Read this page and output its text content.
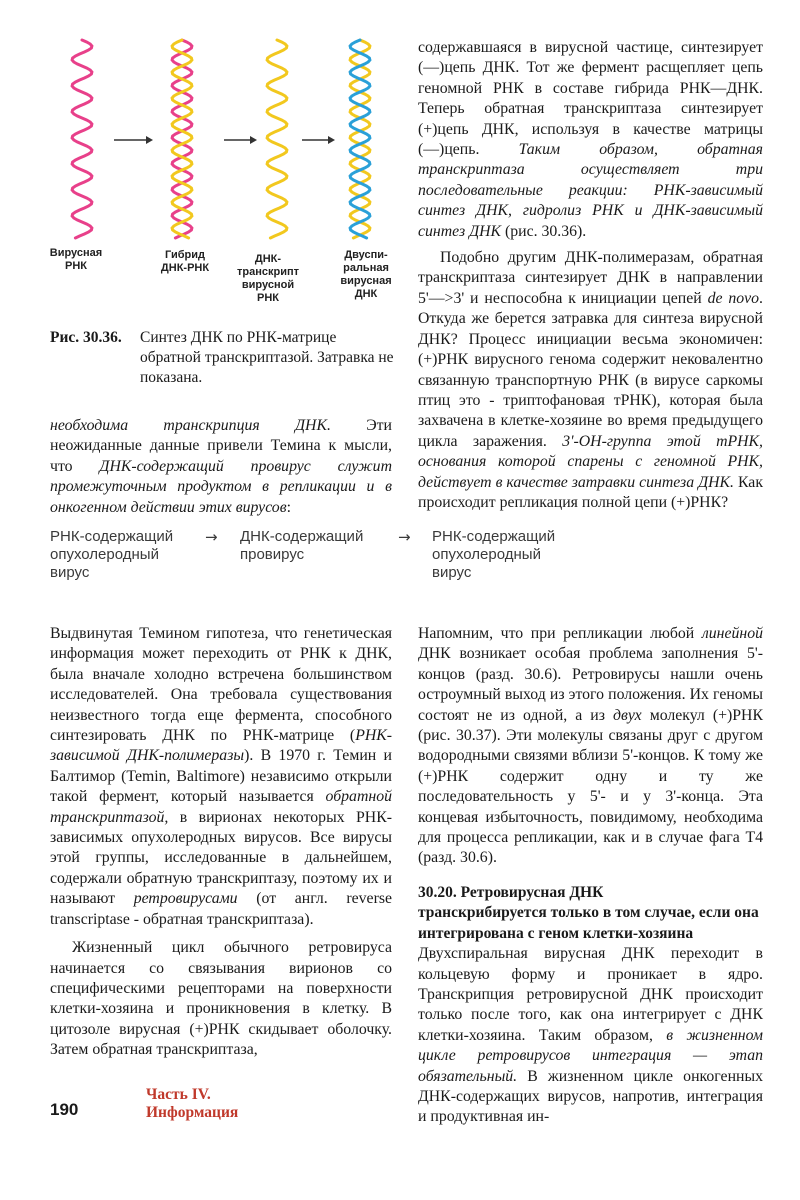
Вирусная
РНК
Гибрид
ДНК-РНК
ДНК-
транскрипт
вирусной
РНК
Двуспи-
ральная
вирусная
ДНК
Рис. 30.36. Синтез ДНК по РНК-матрице обратной транскриптазой. Затравка не показана.

необходима транскрипция ДНК. Эти неожиданные данные привели Темина к мысли, что ДНК-содержащий провирус служит промежуточным продуктом в репликации и в онкогенном действии этих вирусов:

РНК-содержащий
опухолеродный
вирус
→ ДНК-содержащий
провирус
→ РНК-содержащий
опухолеродный
вирус

содержавшаяся в вирусной частице, синтезирует (—)цепь ДНК. Тот же фермент расщепляет цепь геномной РНК в составе гибрида РНК—ДНК. Теперь обратная транскриптаза синтезирует (+)цепь ДНК, используя в качестве матрицы (—)цепь. Таким образом, обратная транскриптаза осуществляет три последовательные реакции: РНК-зависимый синтез ДНК, гидролиз РНК и ДНК-зависимый синтез ДНК (рис. 30.36).

Подобно другим ДНК-полимеразам, обратная транскриптаза синтезирует ДНК в направлении 5'—>3' и неспособна к инициации цепей de novo. Откуда же берется затравка для синтеза вирусной ДНК? Процесс инициации весьма экономичен: (+)РНК вирусного генома содержит нековалентно связанную транспортную РНК (в вирусе саркомы птиц это - триптофановая тРНК), которая была захвачена в клетке-хозяине во время предыдущего цикла заражения. 3'-ОН-группа этой тРНК, основания которой спарены с геномной РНК, действует в качестве затравки синтеза ДНК. Как происходит репликация полной цепи (+)РНК?

Выдвинутая Темином гипотеза, что генетическая информация может переходить от РНК к ДНК, была вначале холодно встречена большинством исследователей. Она требовала существования неизвестного тогда еще фермента, способного синтезировать ДНК по РНК-матрице (РНК-зависимой ДНК-полимеразы). В 1970 г. Темин и Балтимор (Temin, Baltimore) независимо открыли такой фермент, который называется обратной транскриптазой, в вирионах некоторых РНК-зависимых опухолеродных вирусов. Все вирусы этой группы, исследованные в дальнейшем, содержали обратную транскриптазу, поэтому их и называют ретровирусами (от англ. reverse transcriptase - обратная транскриптаза).

Жизненный цикл обычного ретровируса начинается со связывания вирионов со специфическими рецепторами на поверхности клетки-хозяина и проникновения в клетку. В цитозоле вирусная (+)РНК скидывает оболочку. Затем обратная транскриптаза,

Напомним, что при репликации любой линейной ДНК возникает особая проблема заполнения 5'-концов (разд. 30.6). Ретровирусы нашли очень остроумный выход из этого положения. Их геномы состоят не из одной, а из двух молекул (+)РНК (рис. 30.37). Эти молекулы связаны друг с другом водородными связями вблизи 5'-концов. К тому же (+)РНК содержит одну и ту же последовательность у 5'- и у 3'-конца. Эта концевая избыточность, повидимому, необходима для процесса репликации, как и в случае фага Т4 (разд. 30.6).

30.20. Ретровирусная ДНК

транскрибируется только в том случае, если она интегрирована с геном клетки-хозяина

Двухспиральная вирусная ДНК переходит в кольцевую форму и проникает в ядро. Транскрипция ретровирусной ДНК происходит только после того, как она интегрирует с ДНК клетки-хозяина. Таким образом, в жизненном цикле ретровирусов интеграция — этап обязательный. В жизненном цикле онкогенных ДНК-содержащих вирусов, напротив, интеграция и продуктивная ин-

190
Часть IV.
Информация
